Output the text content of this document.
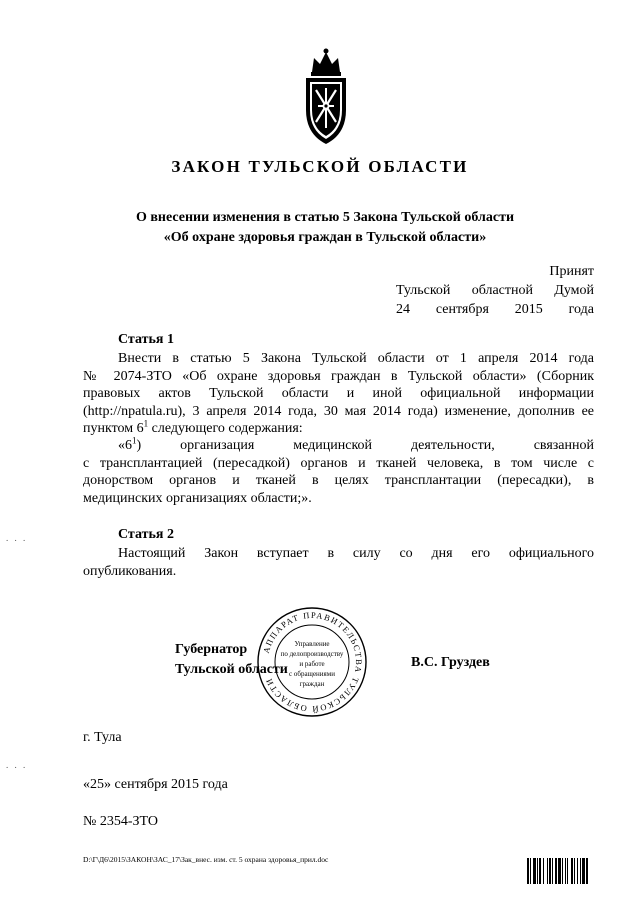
ЗАКОН ТУЛЬСКОЙ ОБЛАСТИ
О внесении изменения в статью 5 Закона Тульской области
«Об охране здоровья граждан в Тульской области»
Принят
Тульской областной Думой
24 сентября 2015 года
Статья 1
Внести в статью 5 Закона Тульской области от 1 апреля 2014 года
№ 2074-ЗТО «Об охране здоровья граждан в Тульской области» (Сборник
правовых актов Тульской области и иной официальной информации
(http://npatula.ru), 3 апреля 2014 года, 30 мая 2014 года) изменение, дополнив ее
пунктом $6^1$ следующего содержания:
«$6^1$) организация медицинской деятельности, связанной
с трансплантацией (пересадкой) органов и тканей человека, в том числе с
донорством органов и тканей в целях трансплантации (пересадки), в
медицинских организациях области;».
Статья 2
Настоящий Закон вступает в силу со дня его официального
опубликования.
Губернатор
Тульской области	В.С. Груздев
АППАРАТ ПРАВИТЕЛЬСТВА ТУЛЬСКОЙ ОБЛАСТИ
Управление
по делопроизводству
и работе
с обращениями
граждан
г. Тула
«25» сентября 2015 года
№ 2354-ЗТО
D:\Г\Д6\2015\ЗАКОН\ЗАС_17\Зак_внес. изм. ст. 5 охрана здоровья_прил.doc
. . .
. . .
